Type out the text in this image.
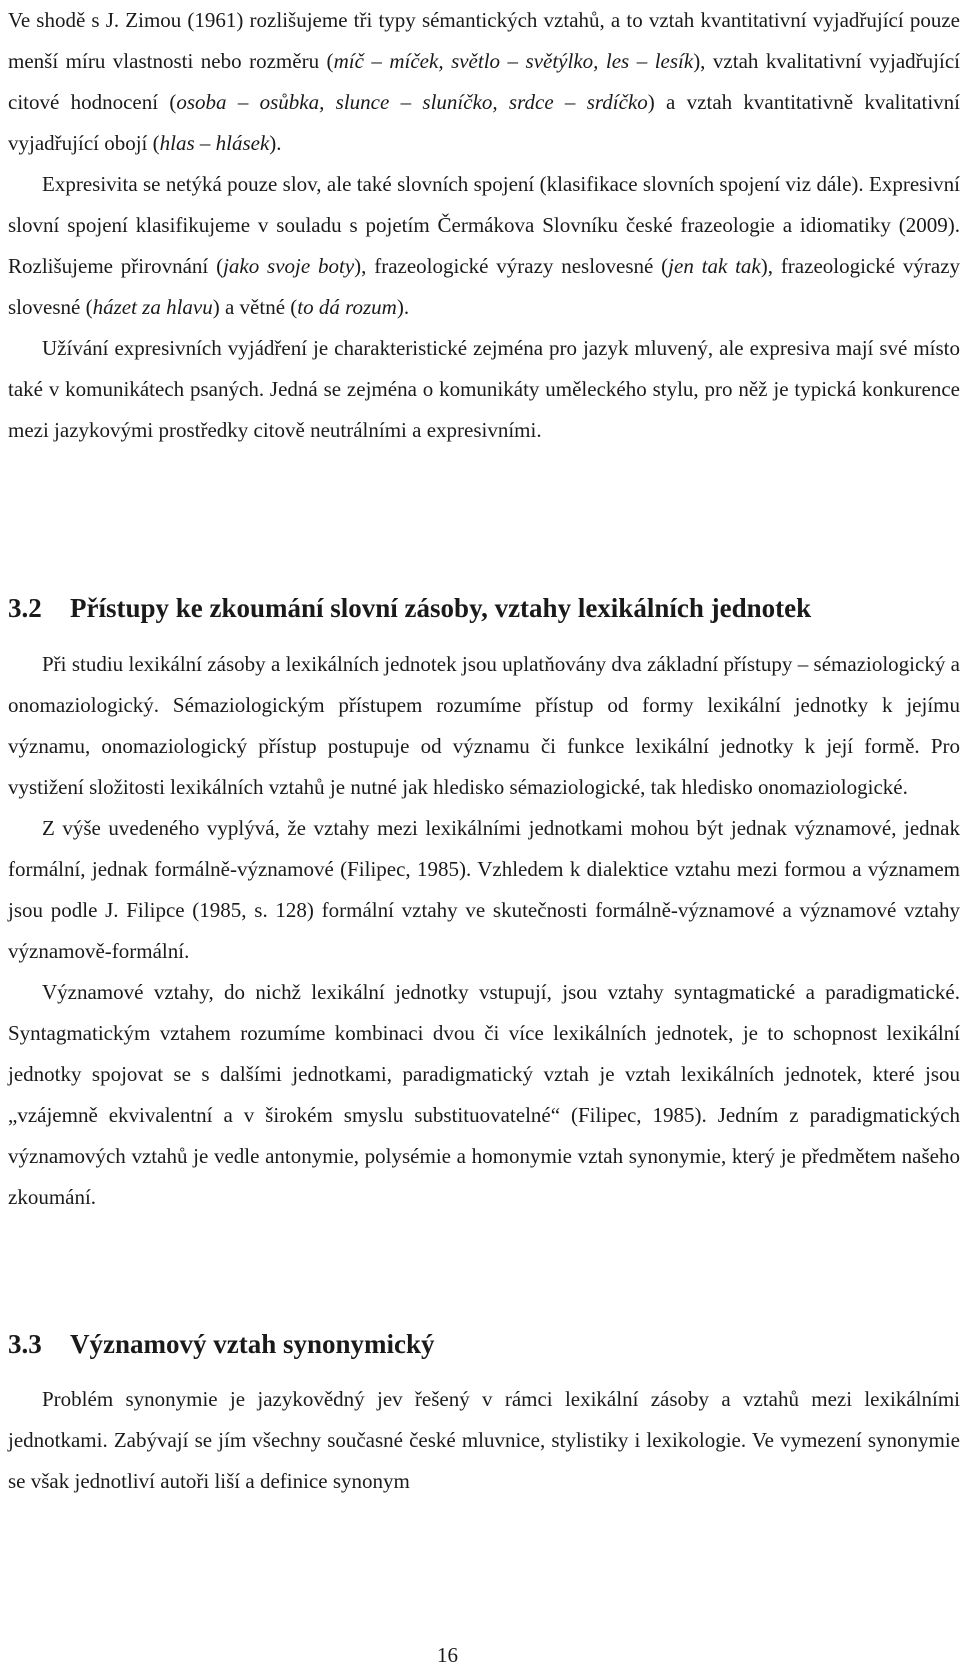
Ve shodě s J. Zimou (1961) rozlišujeme tři typy sémantických vztahů, a to vztah kvantitativní vyjadřující pouze menší míru vlastnosti nebo rozměru (míč – míček, světlo – světýlko, les – lesík), vztah kvalitativní vyjadřující citové hodnocení (osoba – osůbka, slunce – sluníčko, srdce – srdíčko) a vztah kvantitativně kvalitativní vyjadřující obojí (hlas – hlásek).

Expresivita se netýká pouze slov, ale také slovních spojení (klasifikace slovních spojení viz dále). Expresivní slovní spojení klasifikujeme v souladu s pojetím Čermákova Slovníku české frazeologie a idiomatiky (2009). Rozlišujeme přirovnání (jako svoje boty), frazeologické výrazy neslovesné (jen tak tak), frazeologické výrazy slovesné (házet za hlavu) a větné (to dá rozum).

Užívání expresivních vyjádření je charakteristické zejména pro jazyk mluvený, ale expresiva mají své místo také v komunikátech psaných. Jedná se zejména o komunikáty uměleckého stylu, pro něž je typická konkurence mezi jazykovými prostředky citově neutrálními a expresivními.

3.2 Přístupy ke zkoumání slovní zásoby, vztahy lexikálních jednotek

Při studiu lexikální zásoby a lexikálních jednotek jsou uplatňovány dva základní přístupy – sémaziologický a onomaziologický. Sémaziologickým přístupem rozumíme přístup od formy lexikální jednotky k jejímu významu, onomaziologický přístup postupuje od významu či funkce lexikální jednotky k její formě. Pro vystižení složitosti lexikálních vztahů je nutné jak hledisko sémaziologické, tak hledisko onomaziologické.

Z výše uvedeného vyplývá, že vztahy mezi lexikálními jednotkami mohou být jednak významové, jednak formální, jednak formálně-významové (Filipec, 1985). Vzhledem k dialektice vztahu mezi formou a významem jsou podle J. Filipce (1985, s. 128) formální vztahy ve skutečnosti formálně-významové a významové vztahy významově-formální.

Významové vztahy, do nichž lexikální jednotky vstupují, jsou vztahy syntagmatické a paradigmatické. Syntagmatickým vztahem rozumíme kombinaci dvou či více lexikálních jednotek, je to schopnost lexikální jednotky spojovat se s dalšími jednotkami, paradigmatický vztah je vztah lexikálních jednotek, které jsou „vzájemně ekvivalentní a v širokém smyslu substituovatelné“ (Filipec, 1985). Jedním z paradigmatických významových vztahů je vedle antonymie, polysémie a homonymie vztah synonymie, který je předmětem našeho zkoumání.

3.3 Významový vztah synonymický

Problém synonymie je jazykovědný jev řešený v rámci lexikální zásoby a vztahů mezi lexikálními jednotkami. Zabývají se jím všechny současné české mluvnice, stylistiky i lexikologie. Ve vymezení synonymie se však jednotliví autoři liší a definice synonym

16
